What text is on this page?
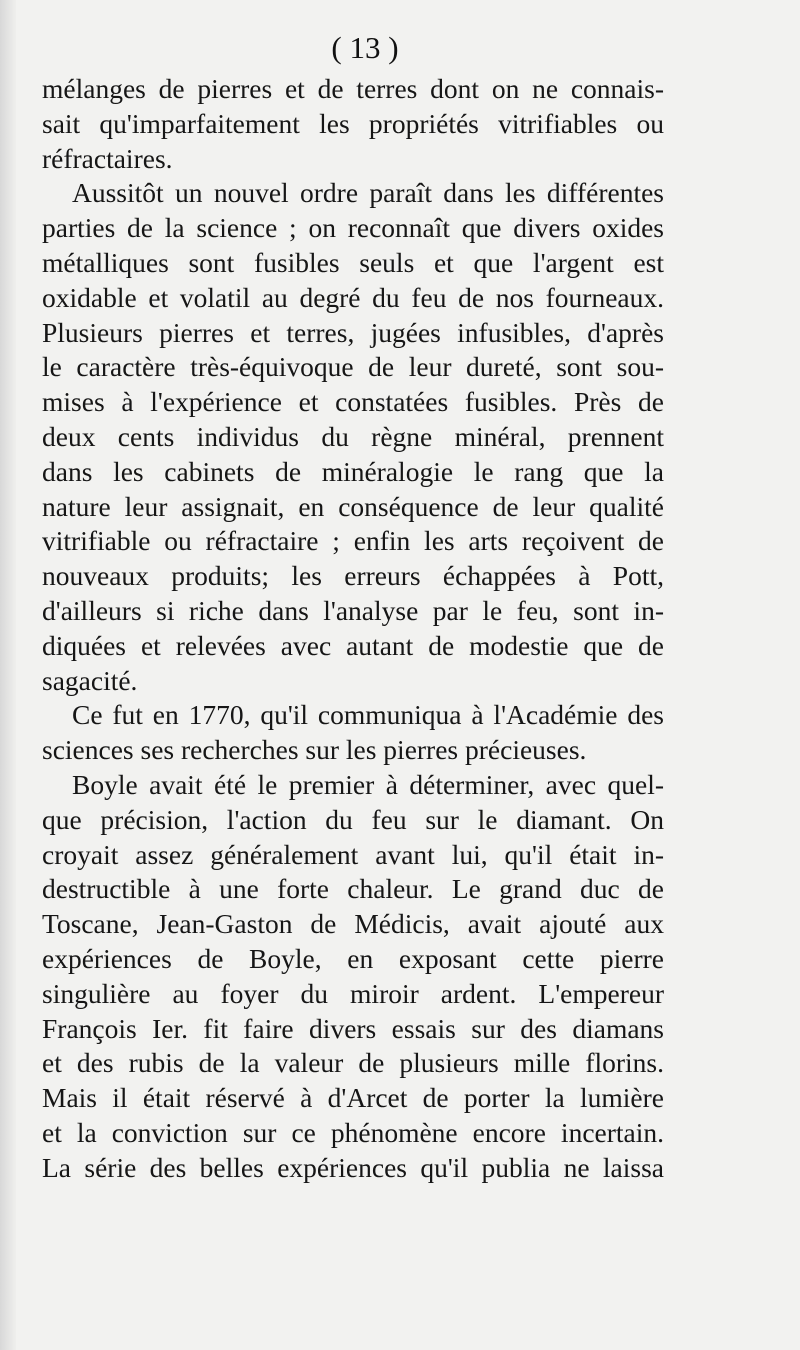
( 13 )
mélanges de pierres et de terres dont on ne connais-
sait qu'imparfaitement les propriétés vitrifiables ou
réfractaires.
Aussitôt un nouvel ordre paraît dans les différentes
parties de la science ; on reconnaît que divers oxides
métalliques sont fusibles seuls et que l'argent est
oxidable et volatil au degré du feu de nos fourneaux.
Plusieurs pierres et terres, jugées infusibles, d'après
le caractère très-équivoque de leur dureté, sont sou-
mises à l'expérience et constatées fusibles. Près de
deux cents individus du règne minéral, prennent
dans les cabinets de minéralogie le rang que la
nature leur assignait, en conséquence de leur qualité
vitrifiable ou réfractaire ; enfin les arts reçoivent de
nouveaux produits; les erreurs échappées à Pott,
d'ailleurs si riche dans l'analyse par le feu, sont in-
diquées et relevées avec autant de modestie que de
sagacité.
Ce fut en 1770, qu'il communiqua à l'Académie des
sciences ses recherches sur les pierres précieuses.
Boyle avait été le premier à déterminer, avec quel-
que précision, l'action du feu sur le diamant. On
croyait assez généralement avant lui, qu'il était in-
destructible à une forte chaleur. Le grand duc de
Toscane, Jean-Gaston de Médicis, avait ajouté aux
expériences de Boyle, en exposant cette pierre
singulière au foyer du miroir ardent. L'empereur
François Ier. fit faire divers essais sur des diamans
et des rubis de la valeur de plusieurs mille florins.
Mais il était réservé à d'Arcet de porter la lumière
et la conviction sur ce phénomène encore incertain.
La série des belles expériences qu'il publia ne laissa
